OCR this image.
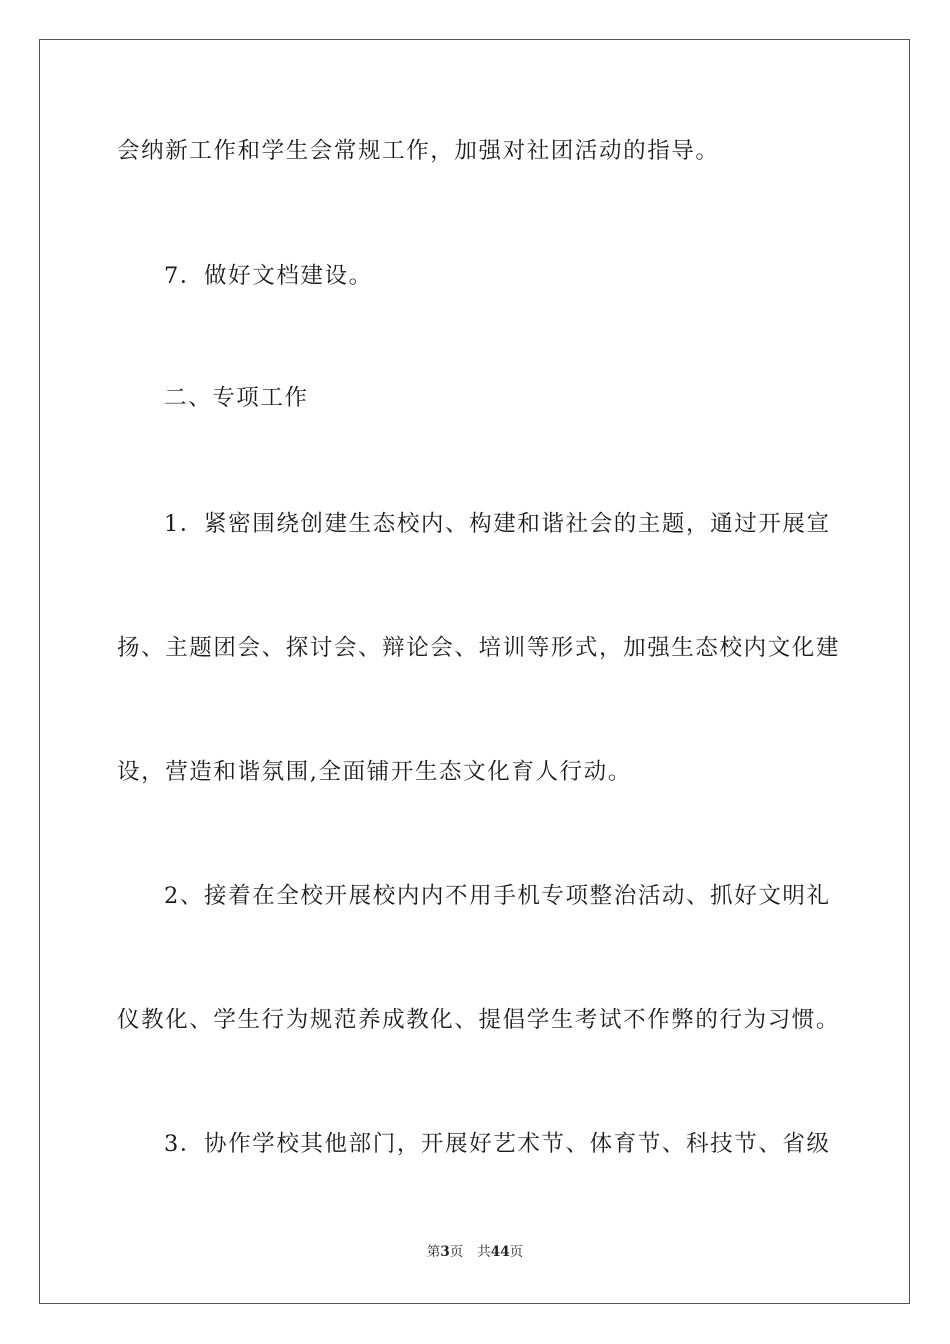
会纳新工作和学生会常规工作，加强对社团活动的指导。
7．做好文档建设。
二、专项工作
1．紧密围绕创建生态校内、构建和谐社会的主题，通过开展宣
扬、主题团会、探讨会、辩论会、培训等形式，加强生态校内文化建
设，营造和谐氛围,全面铺开生态文化育人行动。
2、接着在全校开展校内内不用手机专项整治活动、抓好文明礼
仪教化、学生行为规范养成教化、提倡学生考试不作弊的行为习惯。
3．协作学校其他部门，开展好艺术节、体育节、科技节、省级
第3页 共44页
